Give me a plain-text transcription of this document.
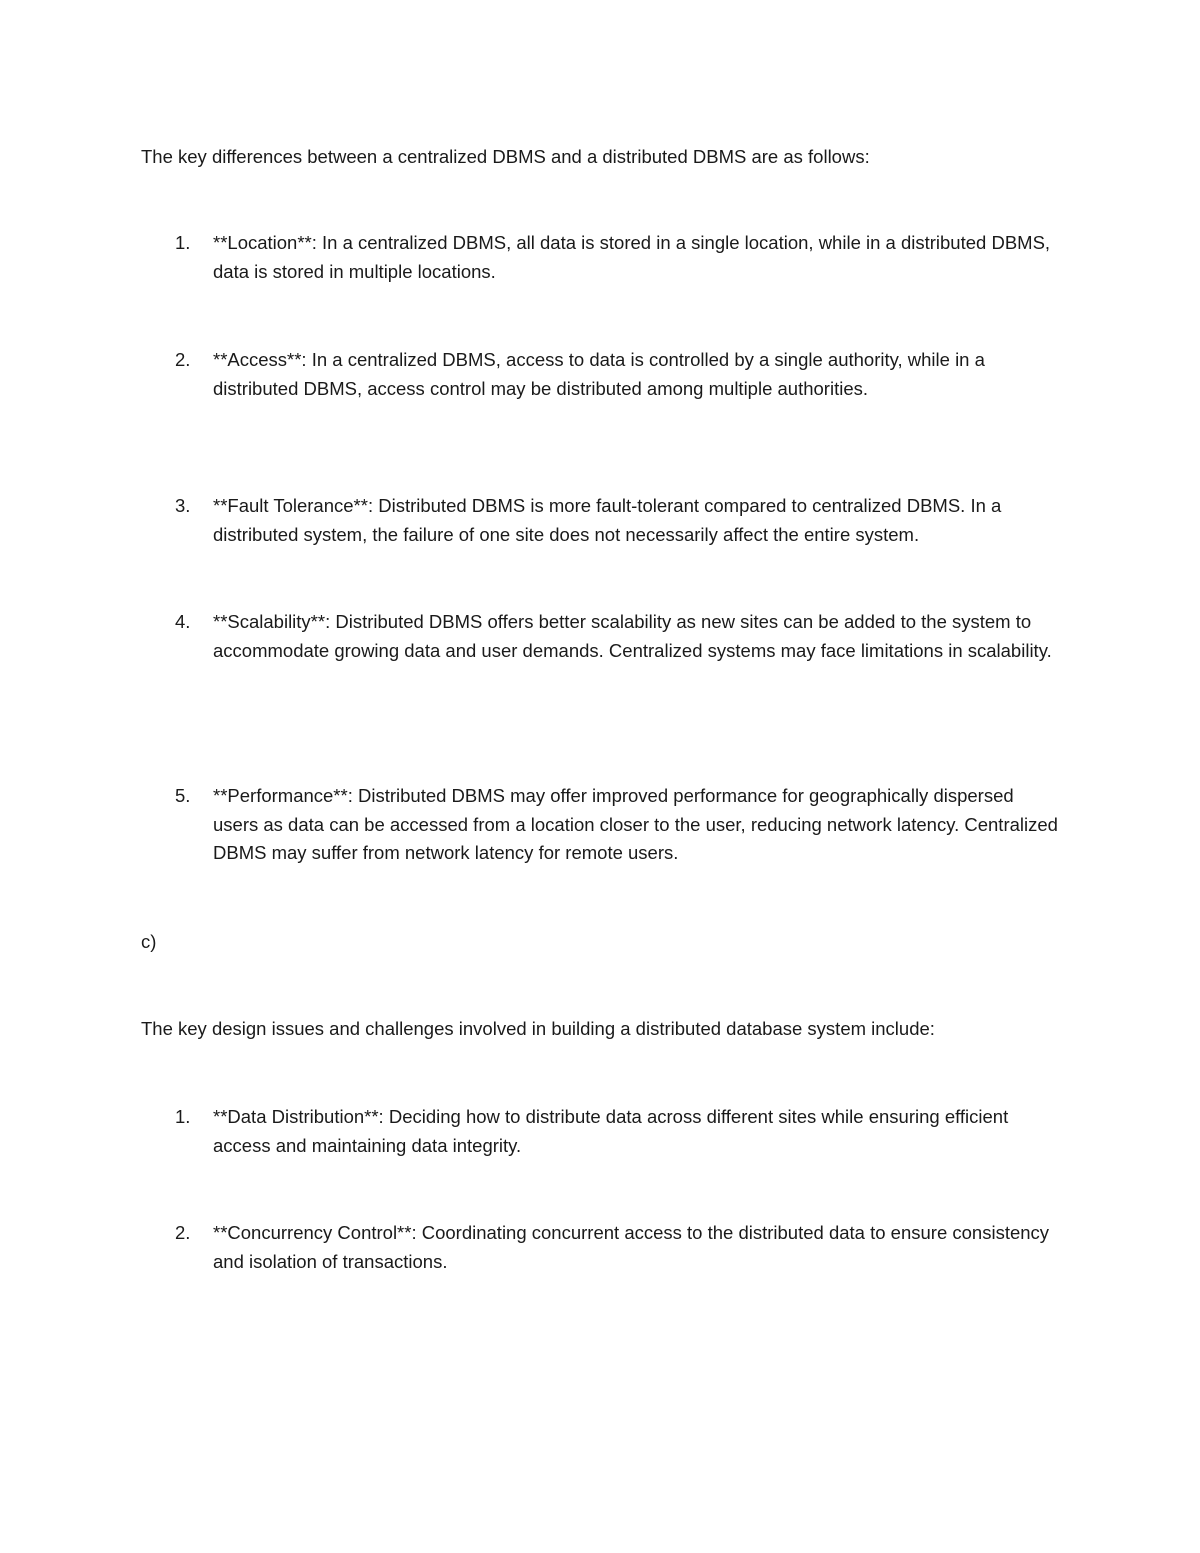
The key differences between a centralized DBMS and a distributed DBMS are as follows:

1.	**Location**: In a centralized DBMS, all data is stored in a single location, while in a distributed DBMS, data is stored in multiple locations.
2.	**Access**: In a centralized DBMS, access to data is controlled by a single authority, while in a distributed DBMS, access control may be distributed among multiple authorities.
3.	**Fault Tolerance**: Distributed DBMS is more fault-tolerant compared to centralized DBMS. In a distributed system, the failure of one site does not necessarily affect the entire system.
4.	**Scalability**: Distributed DBMS offers better scalability as new sites can be added to the system to accommodate growing data and user demands. Centralized systems may face limitations in scalability.
5.	**Performance**: Distributed DBMS may offer improved performance for geographically dispersed users as data can be accessed from a location closer to the user, reducing network latency. Centralized DBMS may suffer from network latency for remote users.

c)

The key design issues and challenges involved in building a distributed database system include:

1.	**Data Distribution**: Deciding how to distribute data across different sites while ensuring efficient access and maintaining data integrity.
2.	**Concurrency Control**: Coordinating concurrent access to the distributed data to ensure consistency and isolation of transactions.
